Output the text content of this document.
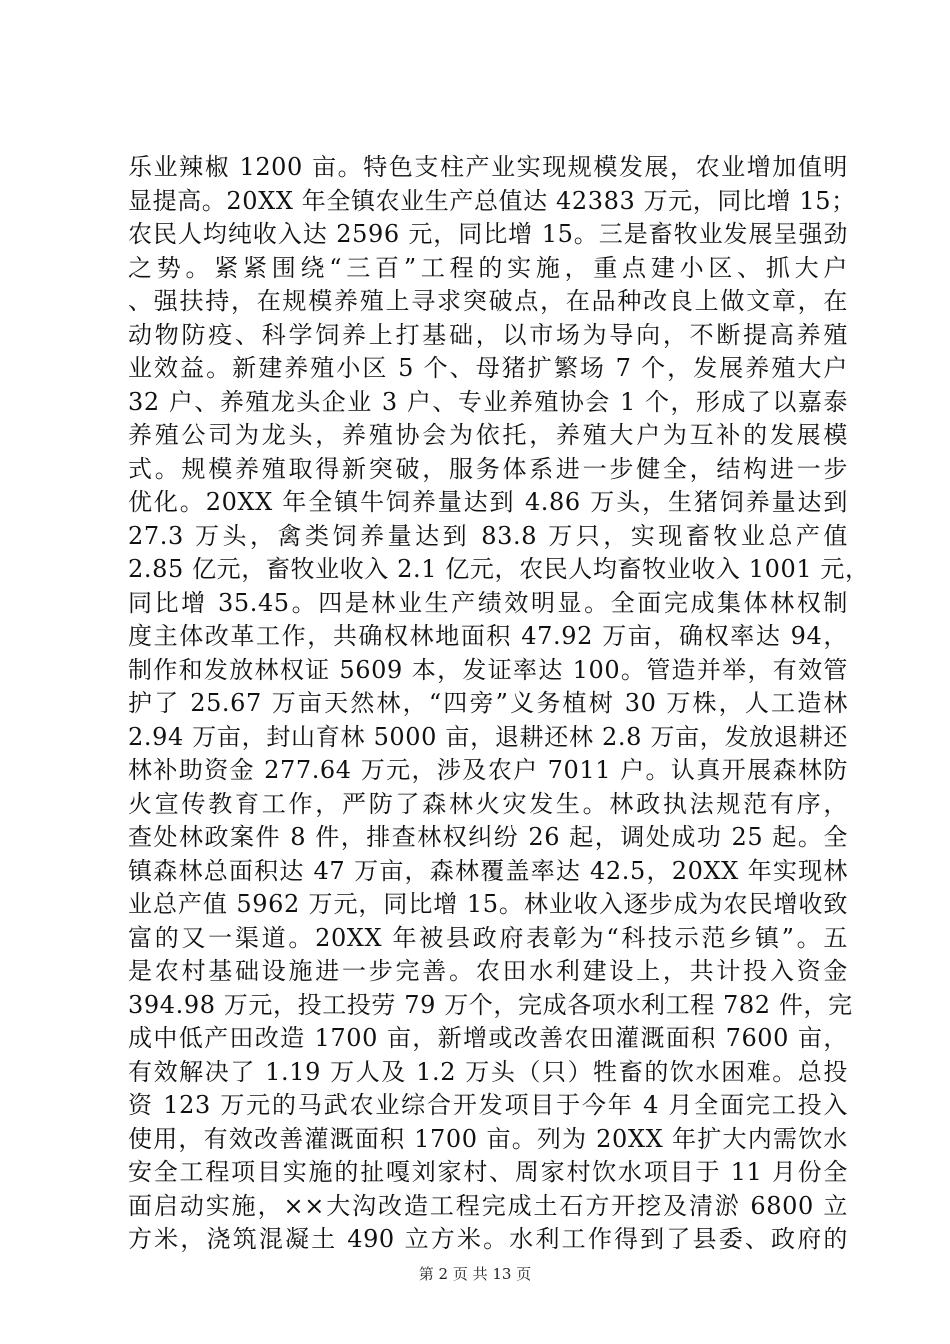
乐业辣椒 1200 亩。特色支柱产业实现规模发展，农业增加值明
显提高。20XX 年全镇农业生产总值达 42383 万元，同比增 15；
农民人均纯收入达 2596 元，同比增 15。三是畜牧业发展呈强劲
之势。紧紧围绕“三百”工程的实施，重点建小区、抓大户
、强扶持，在规模养殖上寻求突破点，在品种改良上做文章，在
动物防疫、科学饲养上打基础，以市场为导向，不断提高养殖
业效益。新建养殖小区 5 个、母猪扩繁场 7 个，发展养殖大户
32 户、养殖龙头企业 3 户、专业养殖协会 1 个，形成了以嘉泰
养殖公司为龙头，养殖协会为依托，养殖大户为互补的发展模
式。规模养殖取得新突破，服务体系进一步健全，结构进一步
优化。20XX 年全镇牛饲养量达到 4.86 万头，生猪饲养量达到
27.3 万头，禽类饲养量达到 83.8 万只，实现畜牧业总产值
2.85 亿元，畜牧业收入 2.1 亿元，农民人均畜牧业收入 1001 元，
同比增 35.45。四是林业生产绩效明显。全面完成集体林权制
度主体改革工作，共确权林地面积 47.92 万亩，确权率达 94，
制作和发放林权证 5609 本，发证率达 100。管造并举，有效管
护了 25.67 万亩天然林，“四旁”义务植树 30 万株，人工造林
2.94 万亩，封山育林 5000 亩，退耕还林 2.8 万亩，发放退耕还
林补助资金 277.64 万元，涉及农户 7011 户。认真开展森林防
火宣传教育工作，严防了森林火灾发生。林政执法规范有序，
查处林政案件 8 件，排查林权纠纷 26 起，调处成功 25 起。全
镇森林总面积达 47 万亩，森林覆盖率达 42.5，20XX 年实现林
业总产值 5962 万元，同比增 15。林业收入逐步成为农民增收致
富的又一渠道。20XX 年被县政府表彰为“科技示范乡镇”。五
是农村基础设施进一步完善。农田水利建设上，共计投入资金
394.98 万元，投工投劳 79 万个，完成各项水利工程 782 件，完
成中低产田改造 1700 亩，新增或改善农田灌溉面积 7600 亩，
有效解决了 1.19 万人及 1.2 万头（只）牲畜的饮水困难。总投
资 123 万元的马武农业综合开发项目于今年 4 月全面完工投入
使用，有效改善灌溉面积 1700 亩。列为 20XX 年扩大内需饮水
安全工程项目实施的扯嘎刘家村、周家村饮水项目于 11 月份全
面启动实施，××大沟改造工程完成土石方开挖及清淤 6800 立
方米，浇筑混凝土 490 立方米。水利工作得到了县委、政府的
第 2 页 共 13 页
